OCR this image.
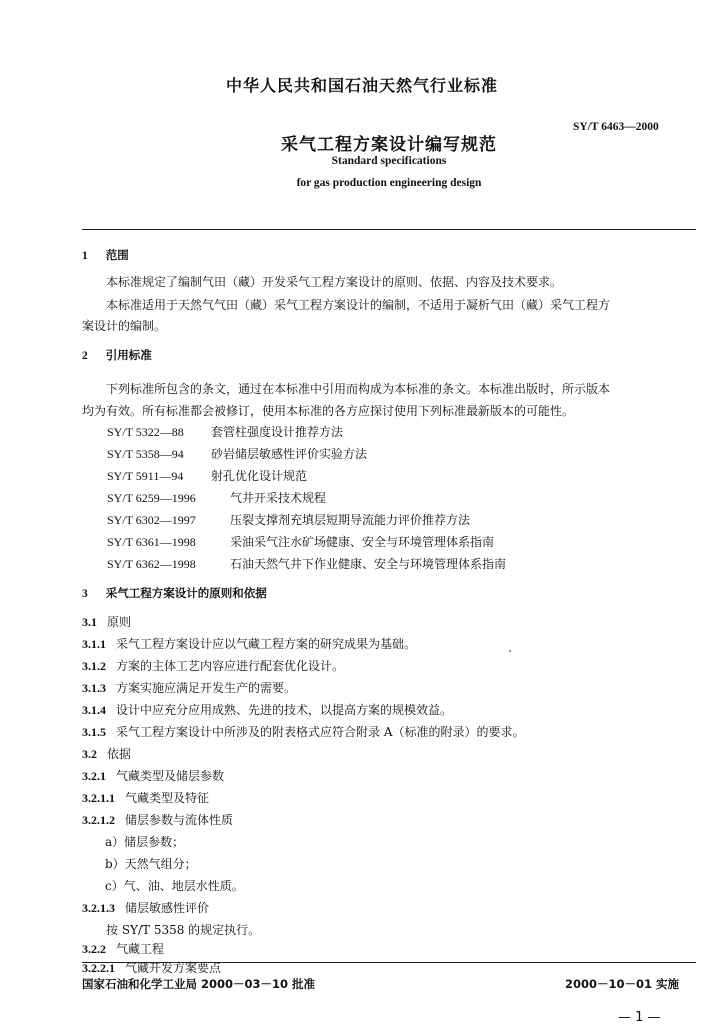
中华人民共和国石油天然气行业标准
SY/T 6463—2000
采气工程方案设计编写规范
Standard specifications
for gas production engineering design
1 范围
本标准规定了编制气田（藏）开发采气工程方案设计的原则、依据、内容及技术要求。
本标准适用于天然气气田（藏）采气工程方案设计的编制，不适用于凝析气田（藏）采气工程方
案设计的编制。
2 引用标准
下列标准所包含的条文，通过在本标准中引用而构成为本标准的条文。本标准出版时，所示版本
均为有效。所有标准都会被修订，使用本标准的各方应探讨使用下列标准最新版本的可能性。
SY/T 5322—88 套管柱强度设计推荐方法
SY/T 5358—94 砂岩储层敏感性评价实验方法
SY/T 5911—94 射孔优化设计规范
SY/T 6259—1996	气井开采技术规程
SY/T 6302—1997	压裂支撑剂充填层短期导流能力评价推荐方法
SY/T 6361—1998	采油采气注水矿场健康、安全与环境管理体系指南
SY/T 6362—1998	石油天然气井下作业健康、安全与环境管理体系指南
3 采气工程方案设计的原则和依据
3.1 原则
3.1.1 采气工程方案设计应以气藏工程方案的研究成果为基础。
3.1.2 方案的主体工艺内容应进行配套优化设计。
3.1.3 方案实施应满足开发生产的需要。
3.1.4 设计中应充分应用成熟、先进的技术，以提高方案的规模效益。
3.1.5 采气工程方案设计中所涉及的附表格式应符合附录 A（标准的附录）的要求。
3.2 依据
3.2.1 气藏类型及储层参数
3.2.1.1 气藏类型及特征
3.2.1.2 储层参数与流体性质
a）储层参数；
b）天然气组分；
c）气、油、地层水性质。
3.2.1.3 储层敏感性评价
按 SY/T 5358 的规定执行。
3.2.2 气藏工程
3.2.2.1 气藏开发方案要点
国家石油和化学工业局 2000－03－10 批准	2000－10－01 实施
— 1 —
